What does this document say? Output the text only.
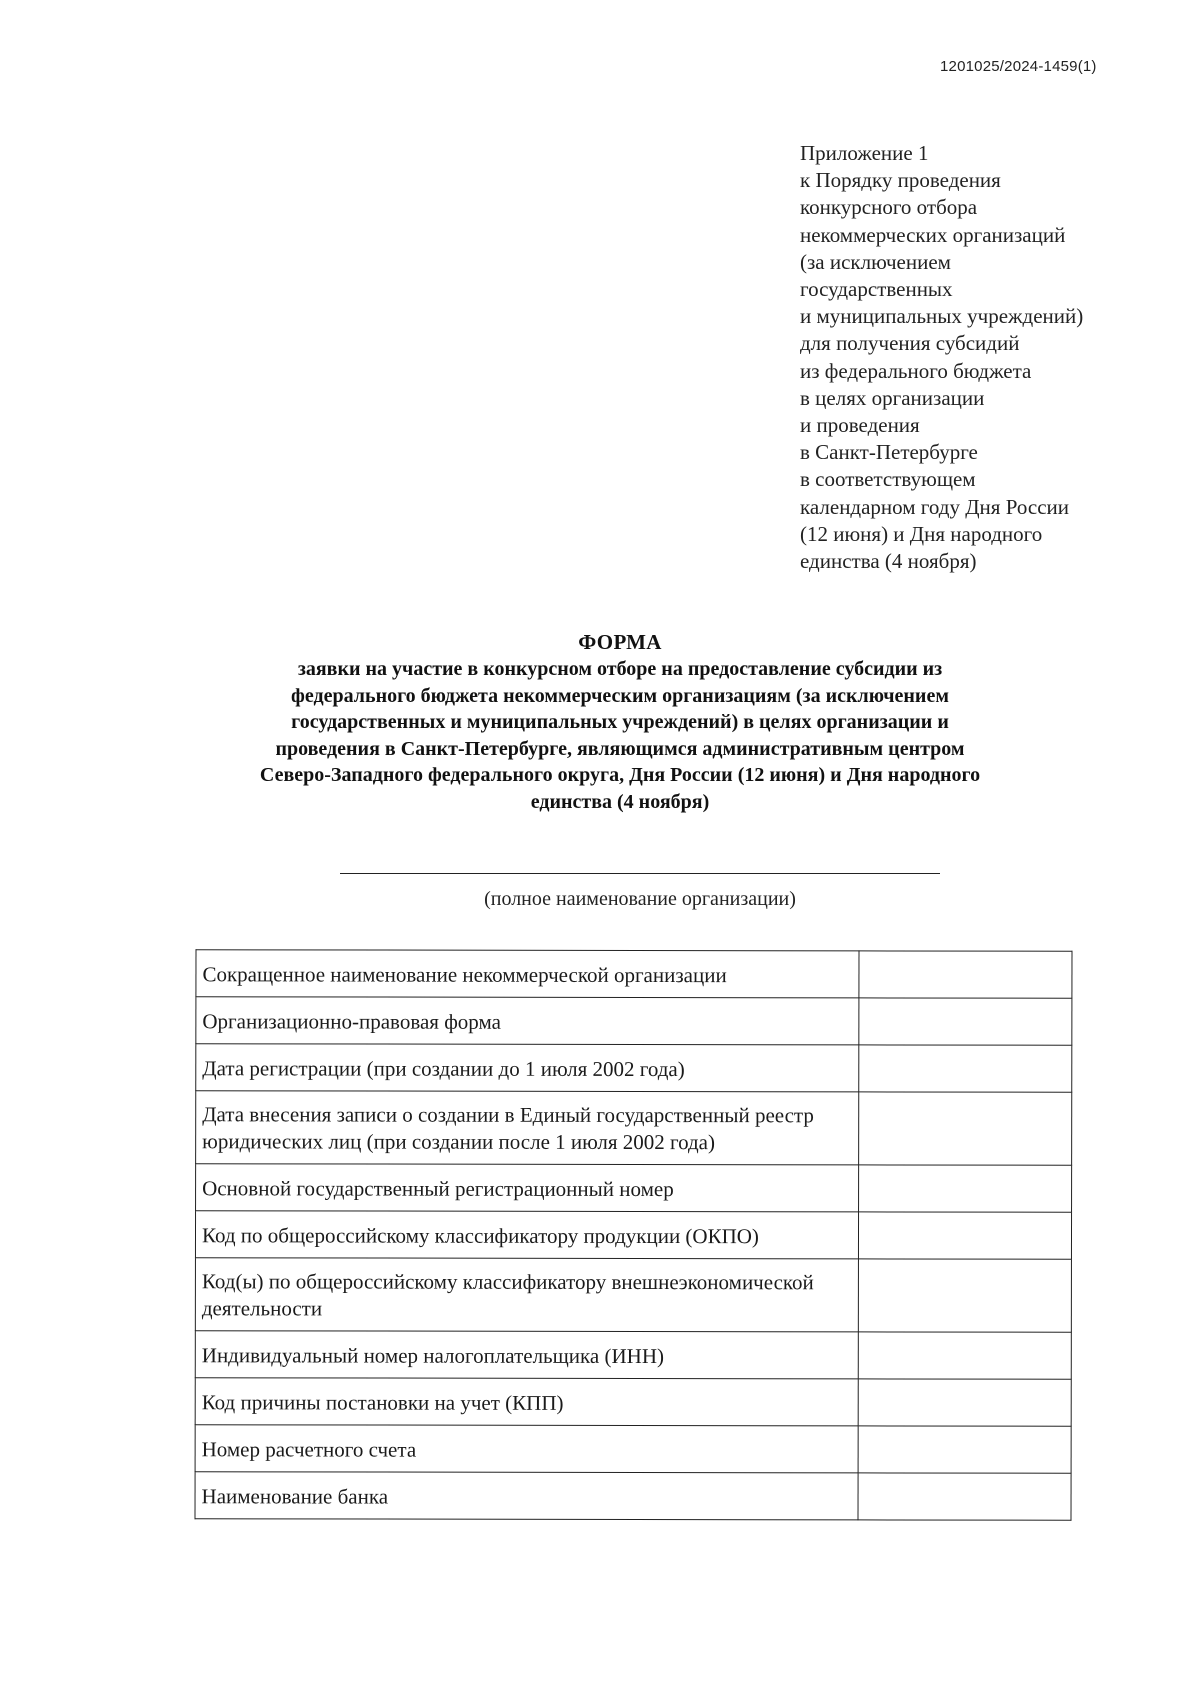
1201025/2024-1459(1)
Приложение 1
к Порядку проведения
конкурсного отбора
некоммерческих организаций
(за исключением
государственных
и муниципальных учреждений)
для получения субсидий
из федерального бюджета
в целях организации
и проведения
в Санкт-Петербурге
в соответствующем
календарном году Дня России
(12 июня) и Дня народного
единства (4 ноября)
ФОРМА
заявки на участие в конкурсном отборе на предоставление субсидии из
федерального бюджета некоммерческим организациям (за исключением
государственных и муниципальных учреждений) в целях организации и
проведения в Санкт-Петербурге, являющимся административным центром
Северо-Западного федерального округа, Дня России (12 июня) и Дня народного
единства (4 ноября)
(полное наименование организации)
Сокращенное наименование некоммерческой организации	
Организационно-правовая форма	
Дата регистрации (при создании до 1 июля 2002 года)	
Дата внесения записи о создании в Единый государственный реестр юридических лиц (при создании после 1 июля 2002 года)	
Основной государственный регистрационный номер	
Код по общероссийскому классификатору продукции (ОКПО)	
Код(ы) по общероссийскому классификатору внешнеэкономической деятельности	
Индивидуальный номер налогоплательщика (ИНН)	
Код причины постановки на учет (КПП)	
Номер расчетного счета	
Наименование банка	
